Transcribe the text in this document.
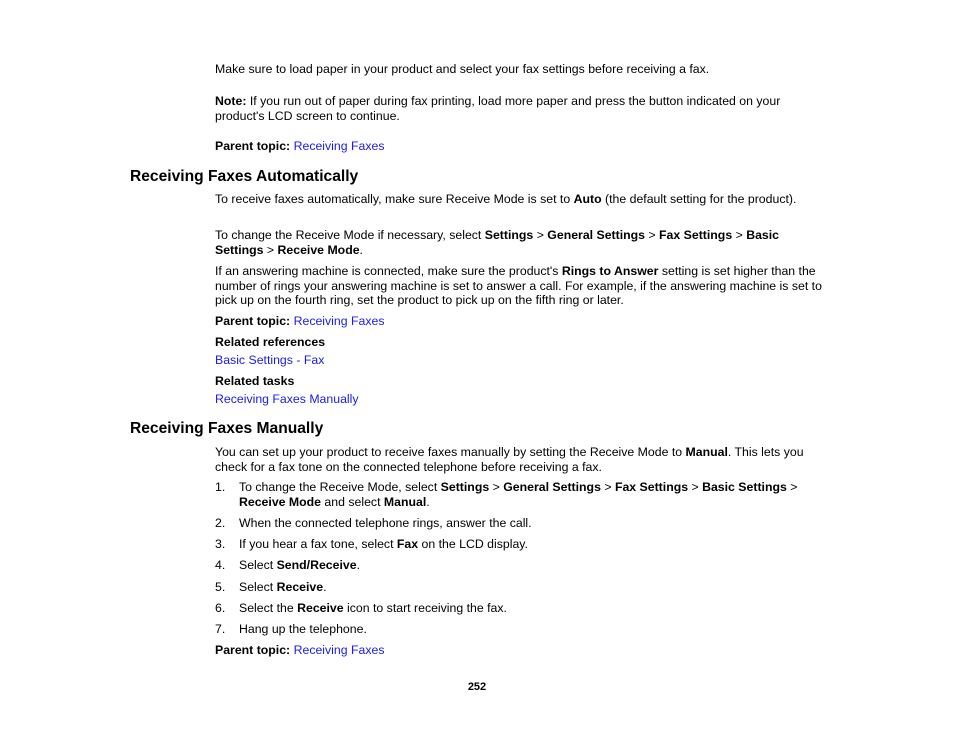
Make sure to load paper in your product and select your fax settings before receiving a fax.
Note: If you run out of paper during fax printing, load more paper and press the button indicated on your product's LCD screen to continue.
Parent topic: Receiving Faxes
Receiving Faxes Automatically
To receive faxes automatically, make sure Receive Mode is set to Auto (the default setting for the product).
To change the Receive Mode if necessary, select Settings > General Settings > Fax Settings > Basic Settings > Receive Mode.
If an answering machine is connected, make sure the product's Rings to Answer setting is set higher than the number of rings your answering machine is set to answer a call. For example, if the answering machine is set to pick up on the fourth ring, set the product to pick up on the fifth ring or later.
Parent topic: Receiving Faxes
Related references
Basic Settings - Fax
Related tasks
Receiving Faxes Manually
Receiving Faxes Manually
You can set up your product to receive faxes manually by setting the Receive Mode to Manual. This lets you check for a fax tone on the connected telephone before receiving a fax.
1.	To change the Receive Mode, select Settings > General Settings > Fax Settings > Basic Settings > Receive Mode and select Manual.
2.	When the connected telephone rings, answer the call.
3.	If you hear a fax tone, select Fax on the LCD display.
4.	Select Send/Receive.
5.	Select Receive.
6.	Select the Receive icon to start receiving the fax.
7.	Hang up the telephone.
Parent topic: Receiving Faxes
252
